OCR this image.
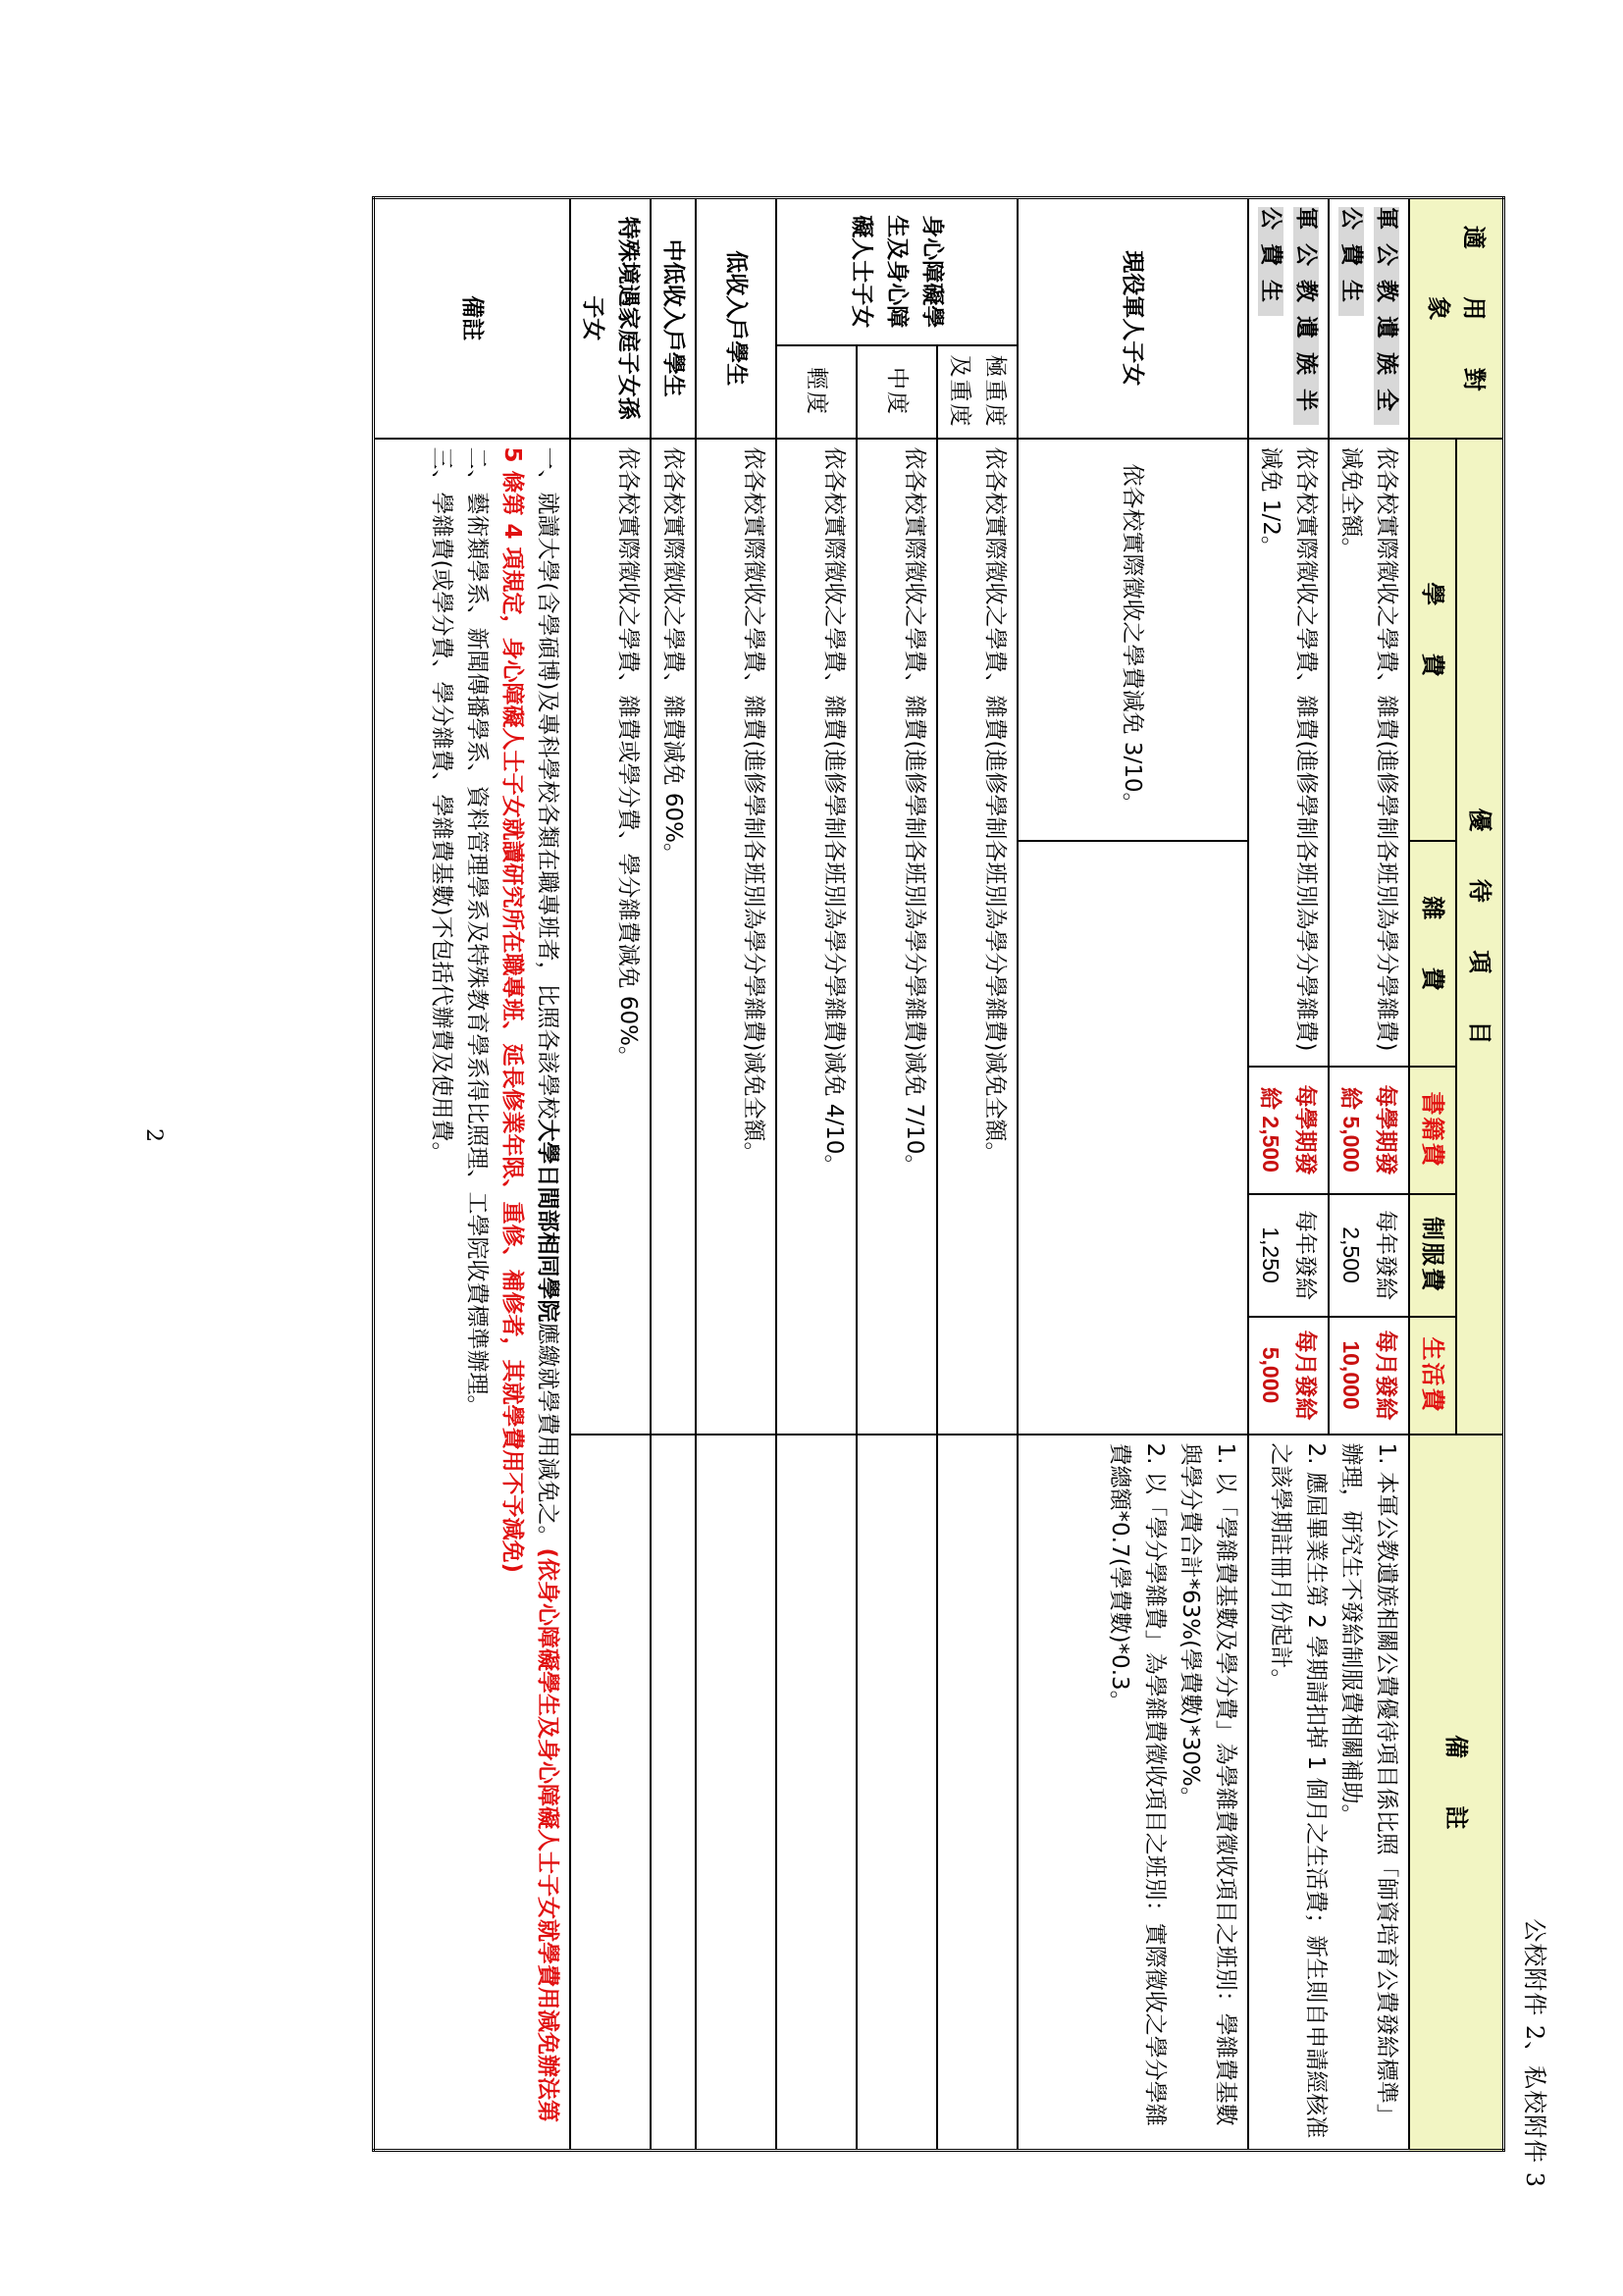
公校附件 2、私校附件 3
適 用 對 象		優 待 項 目					備 註
		學 費	雜 費	書籍費	制服費	生活費	
軍公教遺族全公費生		依各校實際徵收之學費、雜費(進修學制各班別為學分學雜費)減免全額。		每學期發給 5,000	每年發給 2,500	每月發給 10,000	1. 本軍公教遺族相關公費優待項目係比照「師資培育公費發給標準」辦理，研究生不發給制服費相關補助。
2. 應屆畢業生第 2 學期請扣掉 1 個月之生活費；新生則自申請經核准之該學期註冊月份起計。

軍公教遺族半公費生		依各校實際徵收之學費、雜費(進修學制各班別為學分學雜費)減免 1/2。		每學期發給 2,500	每年發給 1,250	每月發給 5,000	
現役軍人子女		依各校實際徵收之學費減免 3/10。					1. 以「學雜費基數及學分費」為學雜費徵收項目之班別：學雜費基數與學分費合計*63%(學費數)*30%。
2. 以「學分學雜費」為學雜費徵收項目之班別：實際徵收之學分學雜費總額*0.7(學費數)*0.3。

身心障礙學生及身心障礙人士子女	極重度及重度	依各校實際徵收之學費、雜費(進修學制各班別為學分學雜費)減免全額。					
	中度	依各校實際徵收之學費、雜費(進修學制各班別為學分學雜費)減免 7/10。					
	輕度	依各校實際徵收之學費、雜費(進修學制各班別為學分學雜費)減免 4/10。					
低收入戶學生		依各校實際徵收之學費、雜費(進修學制各班別為學分學雜費)減免全額。					
中低收入戶學生		依各校實際徵收之學費、雜費減免 60%。					
特殊境遇家庭子女孫子女		依各校實際徵收之學費、雜費或學分費、學分雜費減免 60%。					
備註		一、就讀大學(含學碩博)及專科學校各類在職專班者，比照各該學校大學日間部相同學院應繳就學費用減免之。(依身心障礙學生及身心障礙人士子女就學費用減免辦法第 5 條第 4 項規定，身心障礙人士子女就讀研究所在職專班、延長修業年限、重修、補修者，其就學費用不予減免)
二、藝術類學系、新聞傳播學系、資料管理學系及特殊教育學系得比照理、工學院收費標準辦理。
三、學雜費(或學分費、學分雜費、學雜費基數)不包括代辦費及使用費。					
2
